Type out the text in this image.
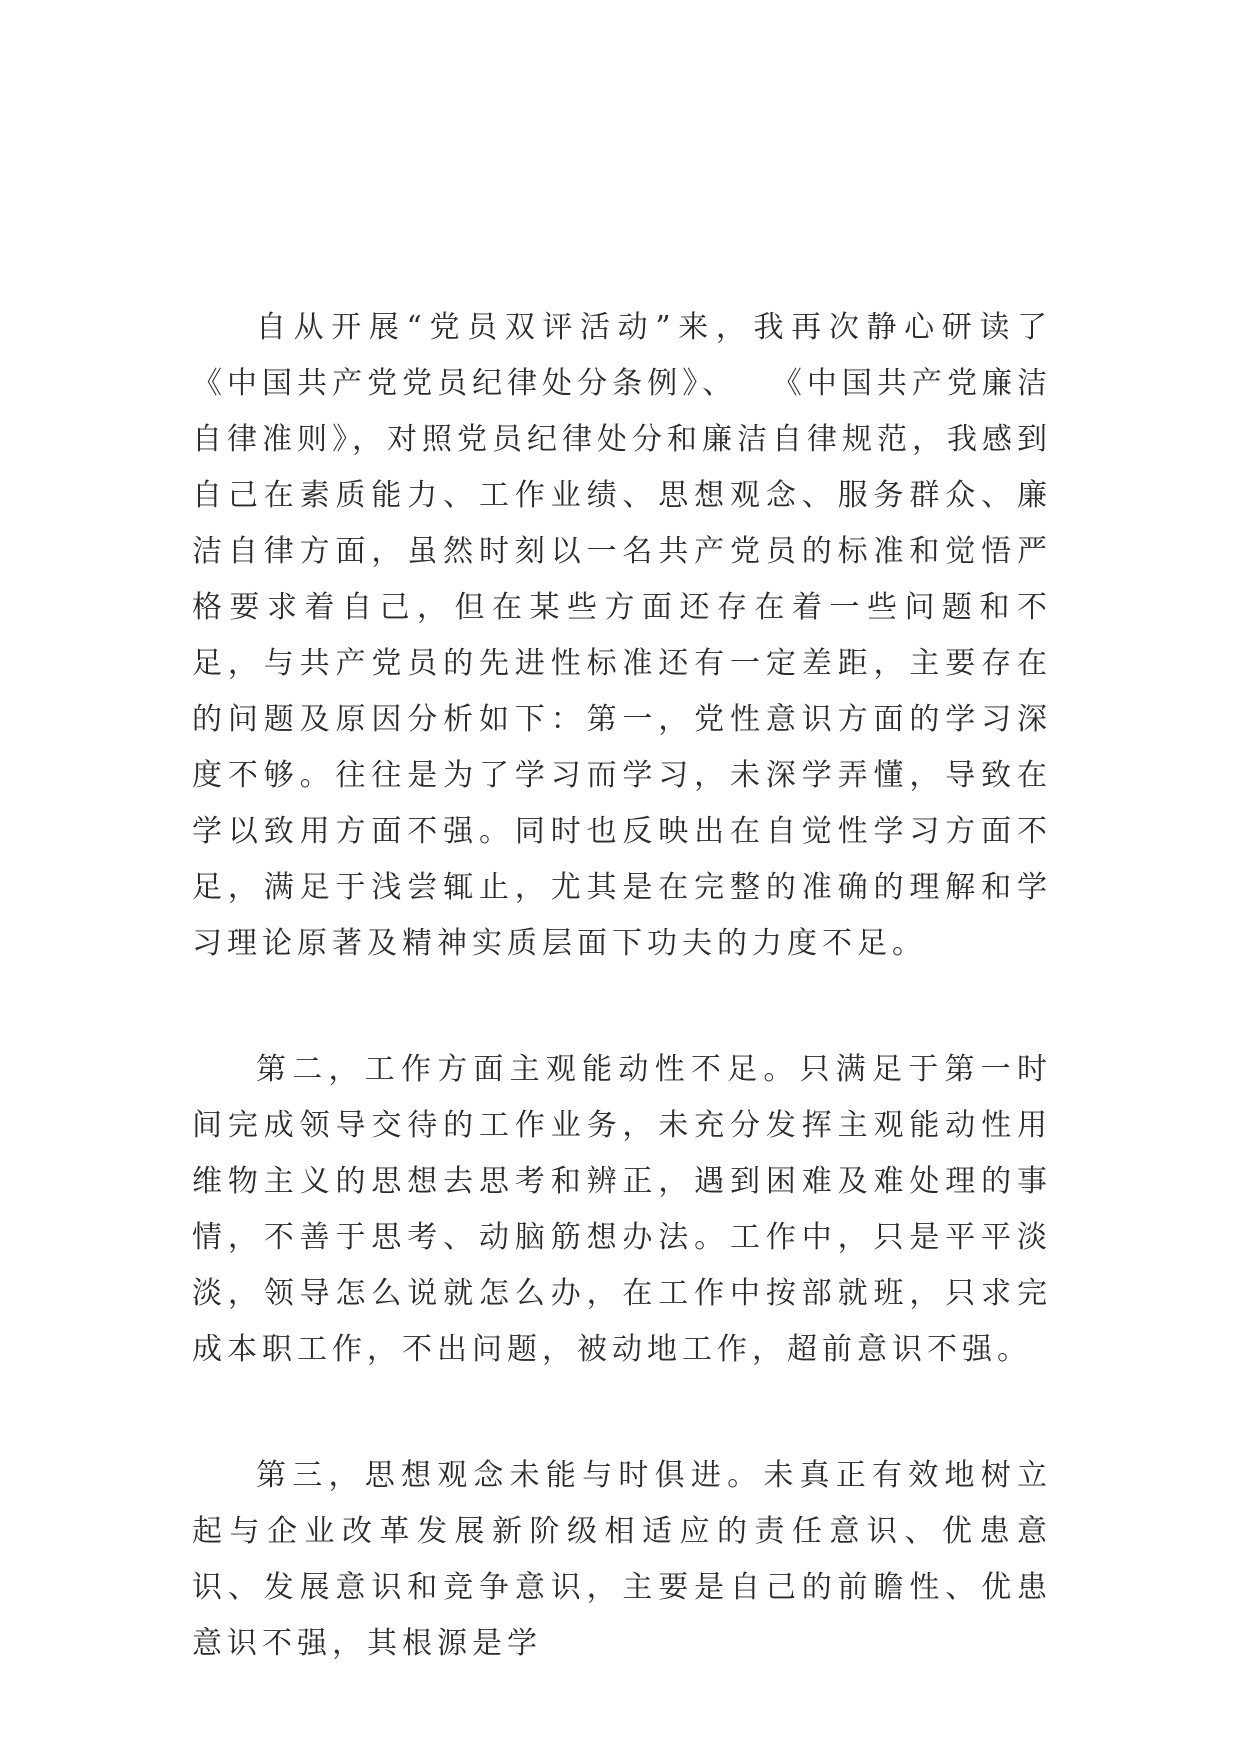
自从开展“党员双评活动”来，我再次静心研读了《中国共产党党员纪律处分条例》、　 《中国共产党廉洁自律准则》，对照党员纪律处分和廉洁自律规范，我感到自己在素质能力、工作业绩、思想观念、服务群众、廉洁自律方面，虽然时刻以一名共产党员的标准和觉悟严格要求着自己，但在某些方面还存在着一些问题和不足，与共产党员的先进性标准还有一定差距，主要存在的问题及原因分析如下：第一，党性意识方面的学习深度不够。往往是为了学习而学习，未深学弄懂，导致在学以致用方面不强。同时也反映出在自觉性学习方面不足，满足于浅尝辄止，尤其是在完整的准确的理解和学习理论原著及精神实质层面下功夫的力度不足。

第二，工作方面主观能动性不足。只满足于第一时间完成领导交待的工作业务，未充分发挥主观能动性用维物主义的思想去思考和辨正，遇到困难及难处理的事情，不善于思考、动脑筋想办法。工作中，只是平平淡淡，领导怎么说就怎么办，在工作中按部就班，只求完成本职工作，不出问题，被动地工作，超前意识不强。

第三，思想观念未能与时俱进。未真正有效地树立起与企业改革发展新阶级相适应的责任意识、优患意识、发展意识和竞争意识，主要是自己的前瞻性、优患意识不强，其根源是学
